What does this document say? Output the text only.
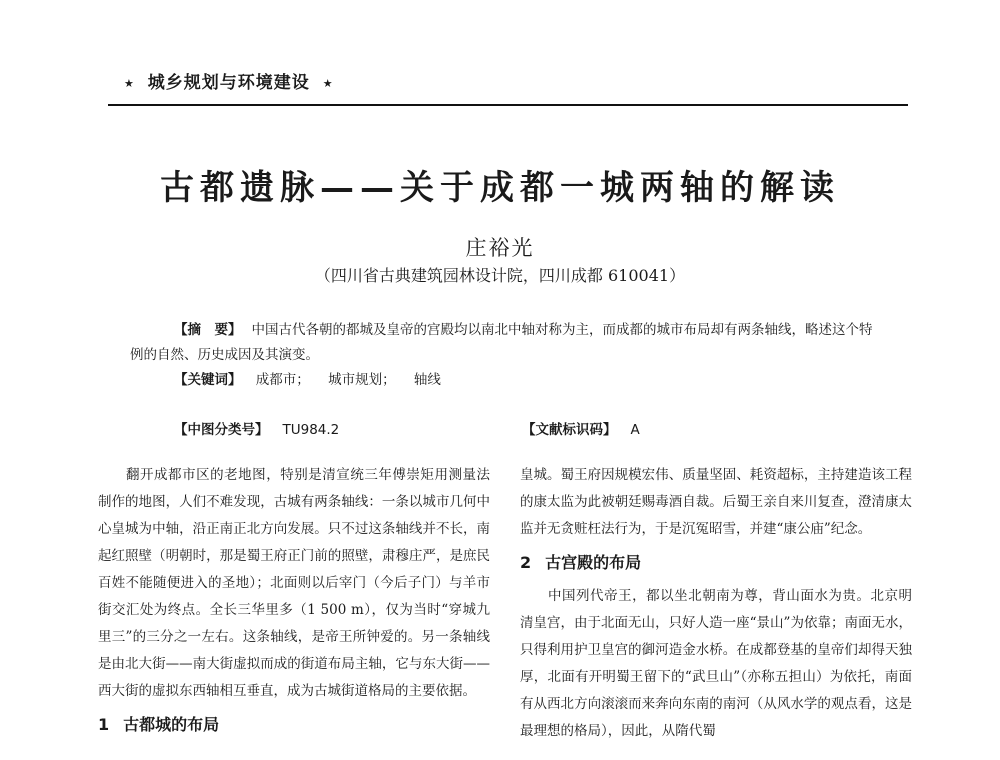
★ 城乡规划与环境建设 ★
古都遗脉——关于成都一城两轴的解读
庄裕光
（四川省古典建筑园林设计院，四川成都 610041）

【摘　要】 中国古代各朝的都城及皇帝的宫殿均以南北中轴对称为主，而成都的城市布局却有两条轴线，略述这个特例的自然、历史成因及其演变。

【关键词】 成都市； 城市规划； 轴线

【中图分类号】 TU984.2	【文献标识码】 A

翻开成都市区的老地图，特别是清宣统三年傅崇矩用测量法制作的地图，人们不难发现，古城有两条轴线：一条以城市几何中心皇城为中轴，沿正南正北方向发展。只不过这条轴线并不长，南起红照壁（明朝时，那是蜀王府正门前的照壁，肃穆庄严，是庶民百姓不能随便进入的圣地）；北面则以后宰门（今后子门）与羊市街交汇处为终点。全长三华里多（1 500 m），仅为当时“穿城九里三”的三分之一左右。这条轴线，是帝王所钟爱的。另一条轴线是由北大街——南大街虚拟而成的街道布局主轴，它与东大街——西大街的虚拟东西轴相互垂直，成为古城街道格局的主要依据。

1 古都城的布局

皇城。蜀王府因规模宏伟、质量坚固、耗资超标，主持建造该工程的康太监为此被朝廷赐毒酒自裁。后蜀王亲自来川复查，澄清康太监并无贪赃枉法行为，于是沉冤昭雪，并建“康公庙”纪念。

2 古宫殿的布局

中国列代帝王，都以坐北朝南为尊，背山面水为贵。北京明清皇宫，由于北面无山，只好人造一座“景山”为依靠；南面无水，只得利用护卫皇宫的御河造金水桥。在成都登基的皇帝们却得天独厚，北面有开明蜀王留下的“武旦山”（亦称五担山）为依托，南面有从西北方向滚滚而来奔向东南的南河（从风水学的观点看，这是最理想的格局），因此，从隋代蜀
